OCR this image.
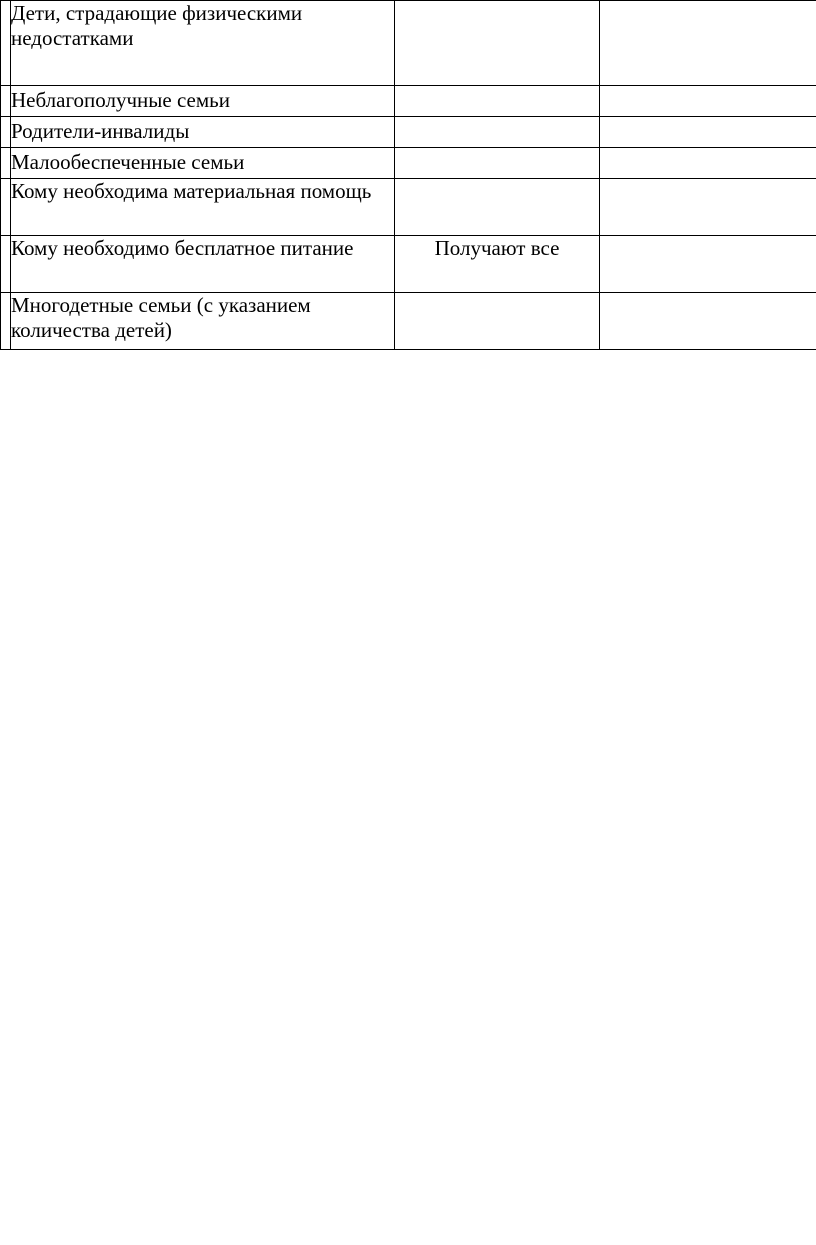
	Дети, страдающие физическими недостатками		

	Неблагополучные семьи		

	Родители-инвалиды		

	Малообеспеченные семьи		

	Кому необходима материальная помощь		

	Кому необходимо бесплатное питание	Получают все	

	Многодетные семьи (с указанием количества детей)		
